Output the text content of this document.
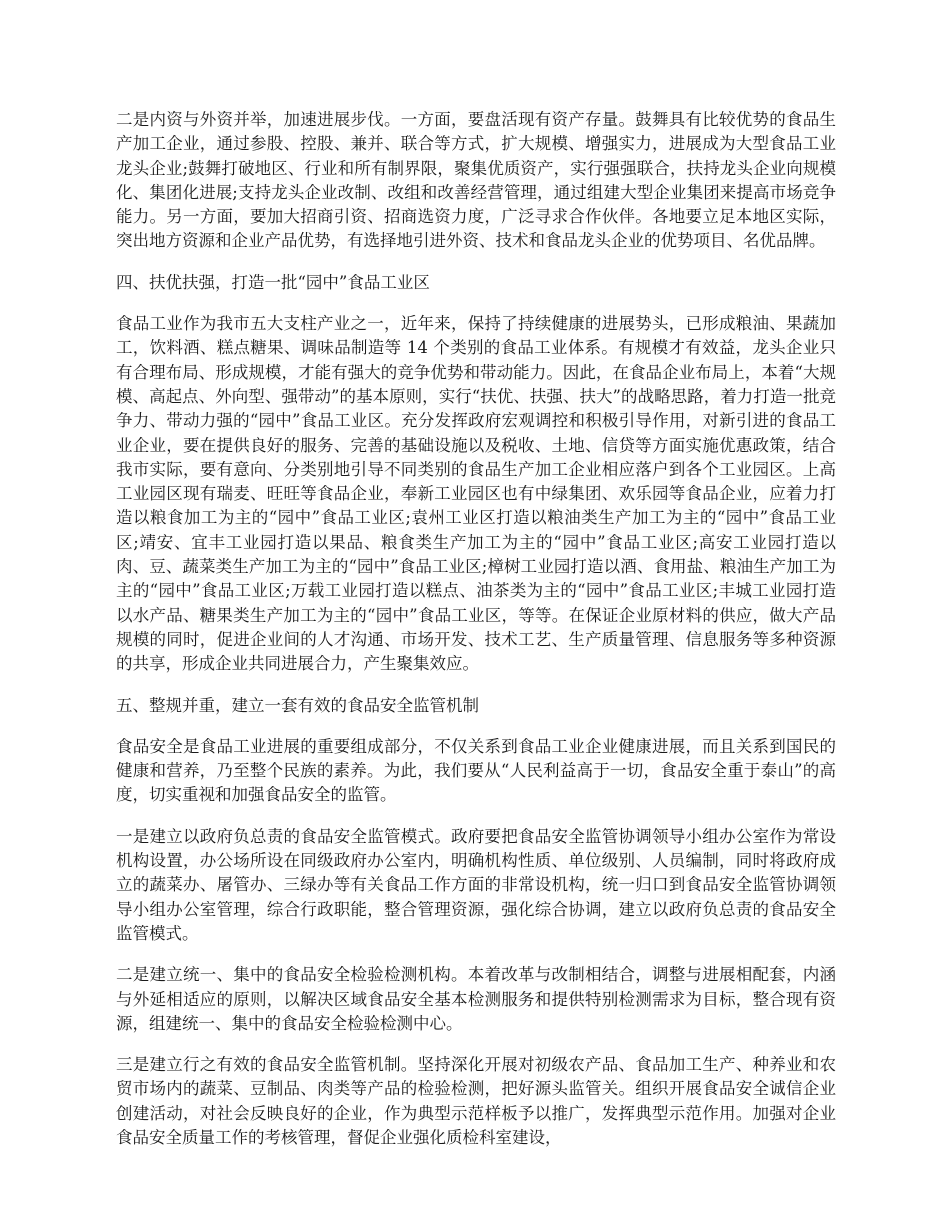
二是内资与外资并举，加速进展步伐。一方面，要盘活现有资产存量。鼓舞具有比较优势的食品生产加工企业，通过参股、控股、兼并、联合等方式，扩大规模、增强实力，进展成为大型食品工业龙头企业;鼓舞打破地区、行业和所有制界限，聚集优质资产，实行强强联合，扶持龙头企业向规模化、集团化进展;支持龙头企业改制、改组和改善经营管理，通过组建大型企业集团来提高市场竞争能力。另一方面，要加大招商引资、招商选资力度，广泛寻求合作伙伴。各地要立足本地区实际，突出地方资源和企业产品优势，有选择地引进外资、技术和食品龙头企业的优势项目、名优品牌。

四、扶优扶强，打造一批“园中”食品工业区

食品工业作为我市五大支柱产业之一，近年来，保持了持续健康的进展势头，已形成粮油、果蔬加工，饮料酒、糕点糖果、调味品制造等 14 个类别的食品工业体系。有规模才有效益，龙头企业只有合理布局、形成规模，才能有强大的竞争优势和带动能力。因此，在食品企业布局上，本着“大规模、高起点、外向型、强带动”的基本原则，实行“扶优、扶强、扶大”的战略思路，着力打造一批竞争力、带动力强的“园中”食品工业区。充分发挥政府宏观调控和积极引导作用，对新引进的食品工业企业，要在提供良好的服务、完善的基础设施以及税收、土地、信贷等方面实施优惠政策，结合我市实际，要有意向、分类别地引导不同类别的食品生产加工企业相应落户到各个工业园区。上高工业园区现有瑞麦、旺旺等食品企业，奉新工业园区也有中绿集团、欢乐园等食品企业，应着力打造以粮食加工为主的“园中”食品工业区;袁州工业区打造以粮油类生产加工为主的“园中”食品工业区;靖安、宜丰工业园打造以果品、粮食类生产加工为主的“园中”食品工业区;高安工业园打造以肉、豆、蔬菜类生产加工为主的“园中”食品工业区;樟树工业园打造以酒、食用盐、粮油生产加工为主的“园中”食品工业区;万载工业园打造以糕点、油茶类为主的“园中”食品工业区;丰城工业园打造以水产品、糖果类生产加工为主的“园中”食品工业区，等等。在保证企业原材料的供应，做大产品规模的同时，促进企业间的人才沟通、市场开发、技术工艺、生产质量管理、信息服务等多种资源的共享，形成企业共同进展合力，产生聚集效应。

五、整规并重，建立一套有效的食品安全监管机制

食品安全是食品工业进展的重要组成部分，不仅关系到食品工业企业健康进展，而且关系到国民的健康和营养，乃至整个民族的素养。为此，我们要从“人民利益高于一切，食品安全重于泰山”的高度，切实重视和加强食品安全的监管。

一是建立以政府负总责的食品安全监管模式。政府要把食品安全监管协调领导小组办公室作为常设机构设置，办公场所设在同级政府办公室内，明确机构性质、单位级别、人员编制，同时将政府成立的蔬菜办、屠管办、三绿办等有关食品工作方面的非常设机构，统一归口到食品安全监管协调领导小组办公室管理，综合行政职能，整合管理资源，强化综合协调，建立以政府负总责的食品安全监管模式。

二是建立统一、集中的食品安全检验检测机构。本着改革与改制相结合，调整与进展相配套，内涵与外延相适应的原则，以解决区域食品安全基本检测服务和提供特别检测需求为目标，整合现有资源，组建统一、集中的食品安全检验检测中心。

三是建立行之有效的食品安全监管机制。坚持深化开展对初级农产品、食品加工生产、种养业和农贸市场内的蔬菜、豆制品、肉类等产品的检验检测，把好源头监管关。组织开展食品安全诚信企业创建活动，对社会反映良好的企业，作为典型示范样板予以推广，发挥典型示范作用。加强对企业食品安全质量工作的考核管理，督促企业强化质检科室建设，
